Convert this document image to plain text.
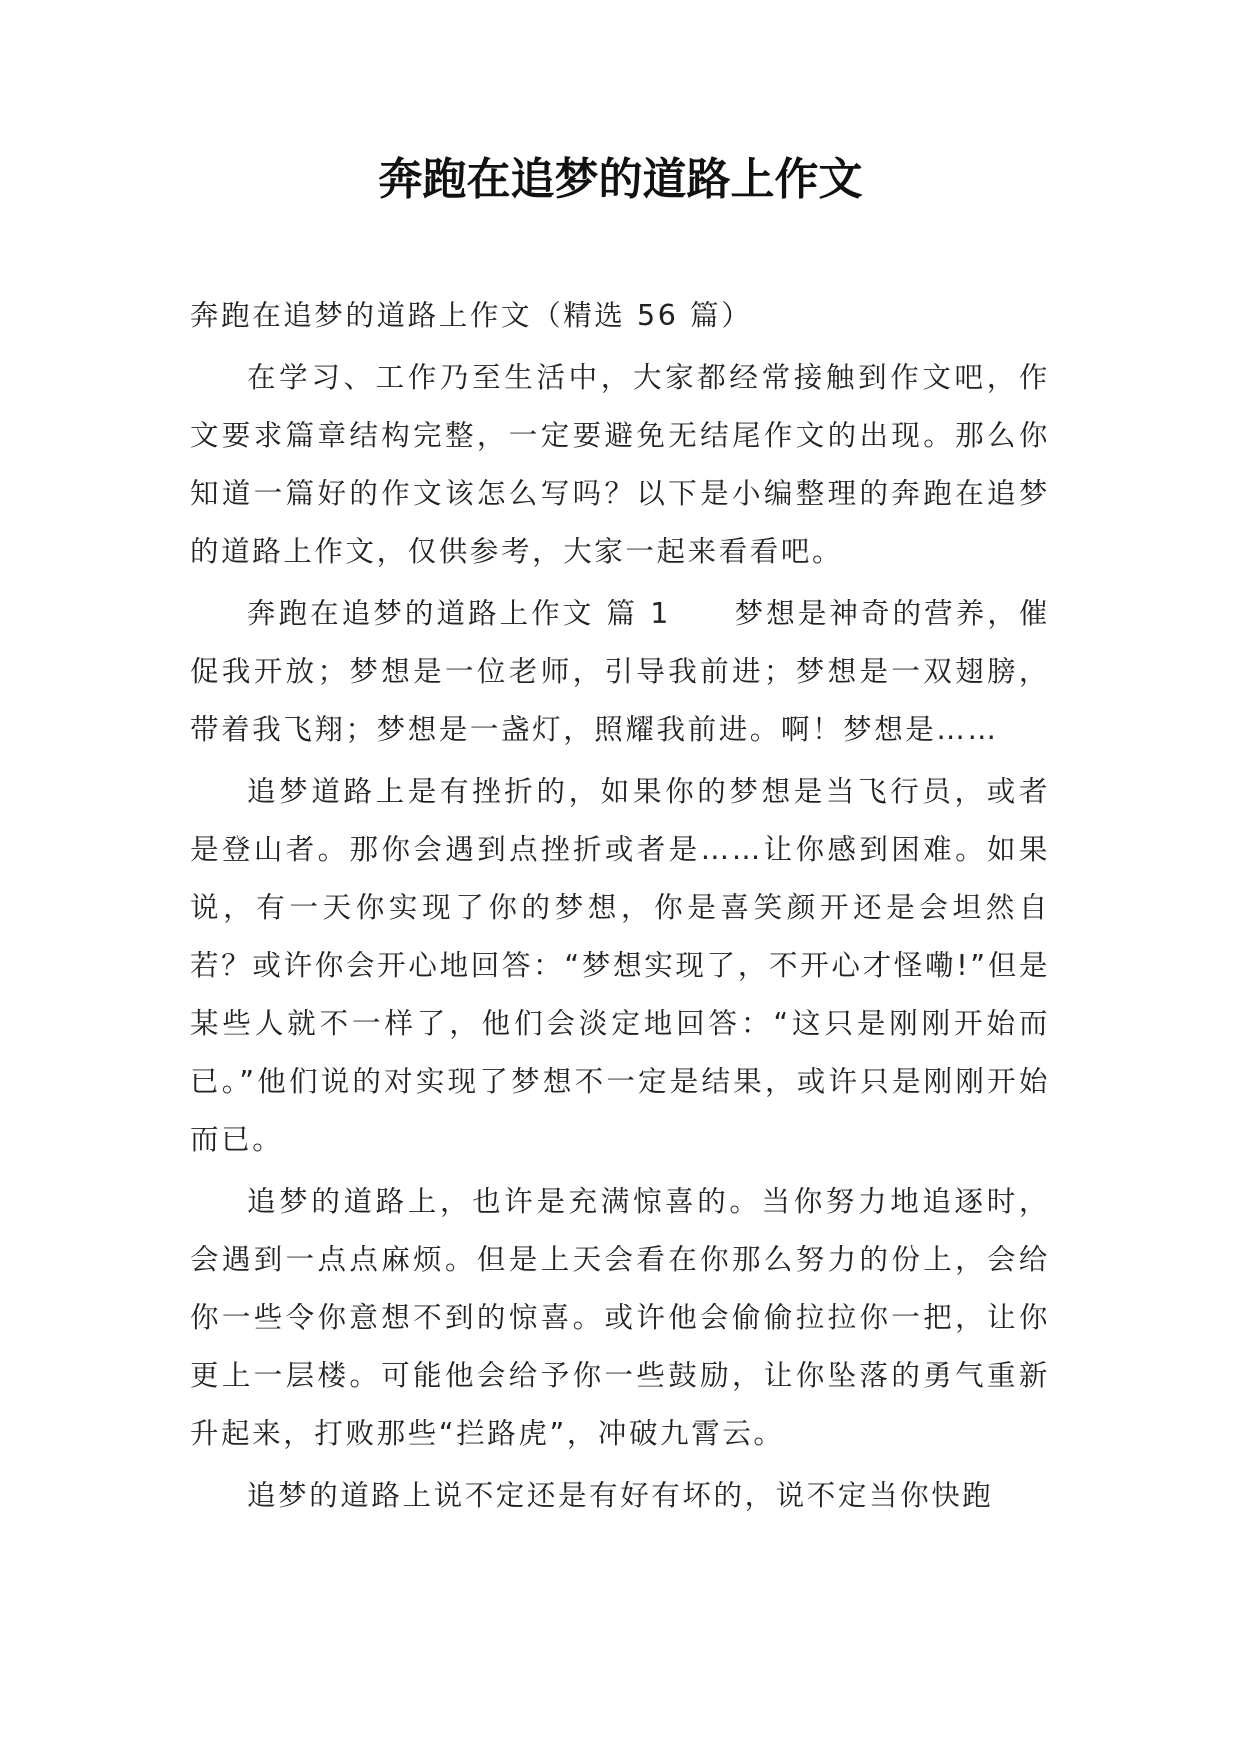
奔跑在追梦的道路上作文

奔跑在追梦的道路上作文（精选 56 篇）

在学习、工作乃至生活中，大家都经常接触到作文吧，作文要求篇章结构完整，一定要避免无结尾作文的出现。那么你知道一篇好的作文该怎么写吗？以下是小编整理的奔跑在追梦的道路上作文，仅供参考，大家一起来看看吧。

奔跑在追梦的道路上作文 篇 1　　梦想是神奇的营养，催促我开放；梦想是一位老师，引导我前进；梦想是一双翅膀，带着我飞翔；梦想是一盏灯，照耀我前进。啊！梦想是……

追梦道路上是有挫折的，如果你的梦想是当飞行员，或者是登山者。那你会遇到点挫折或者是……让你感到困难。如果说，有一天你实现了你的梦想，你是喜笑颜开还是会坦然自若？或许你会开心地回答：“梦想实现了，不开心才怪嘞!”但是某些人就不一样了，他们会淡定地回答：“这只是刚刚开始而已。”他们说的对实现了梦想不一定是结果，或许只是刚刚开始而已。

追梦的道路上，也许是充满惊喜的。当你努力地追逐时，会遇到一点点麻烦。但是上天会看在你那么努力的份上，会给你一些令你意想不到的惊喜。或许他会偷偷拉拉你一把，让你更上一层楼。可能他会给予你一些鼓励，让你坠落的勇气重新升起来，打败那些“拦路虎”，冲破九霄云。

追梦的道路上说不定还是有好有坏的，说不定当你快跑
